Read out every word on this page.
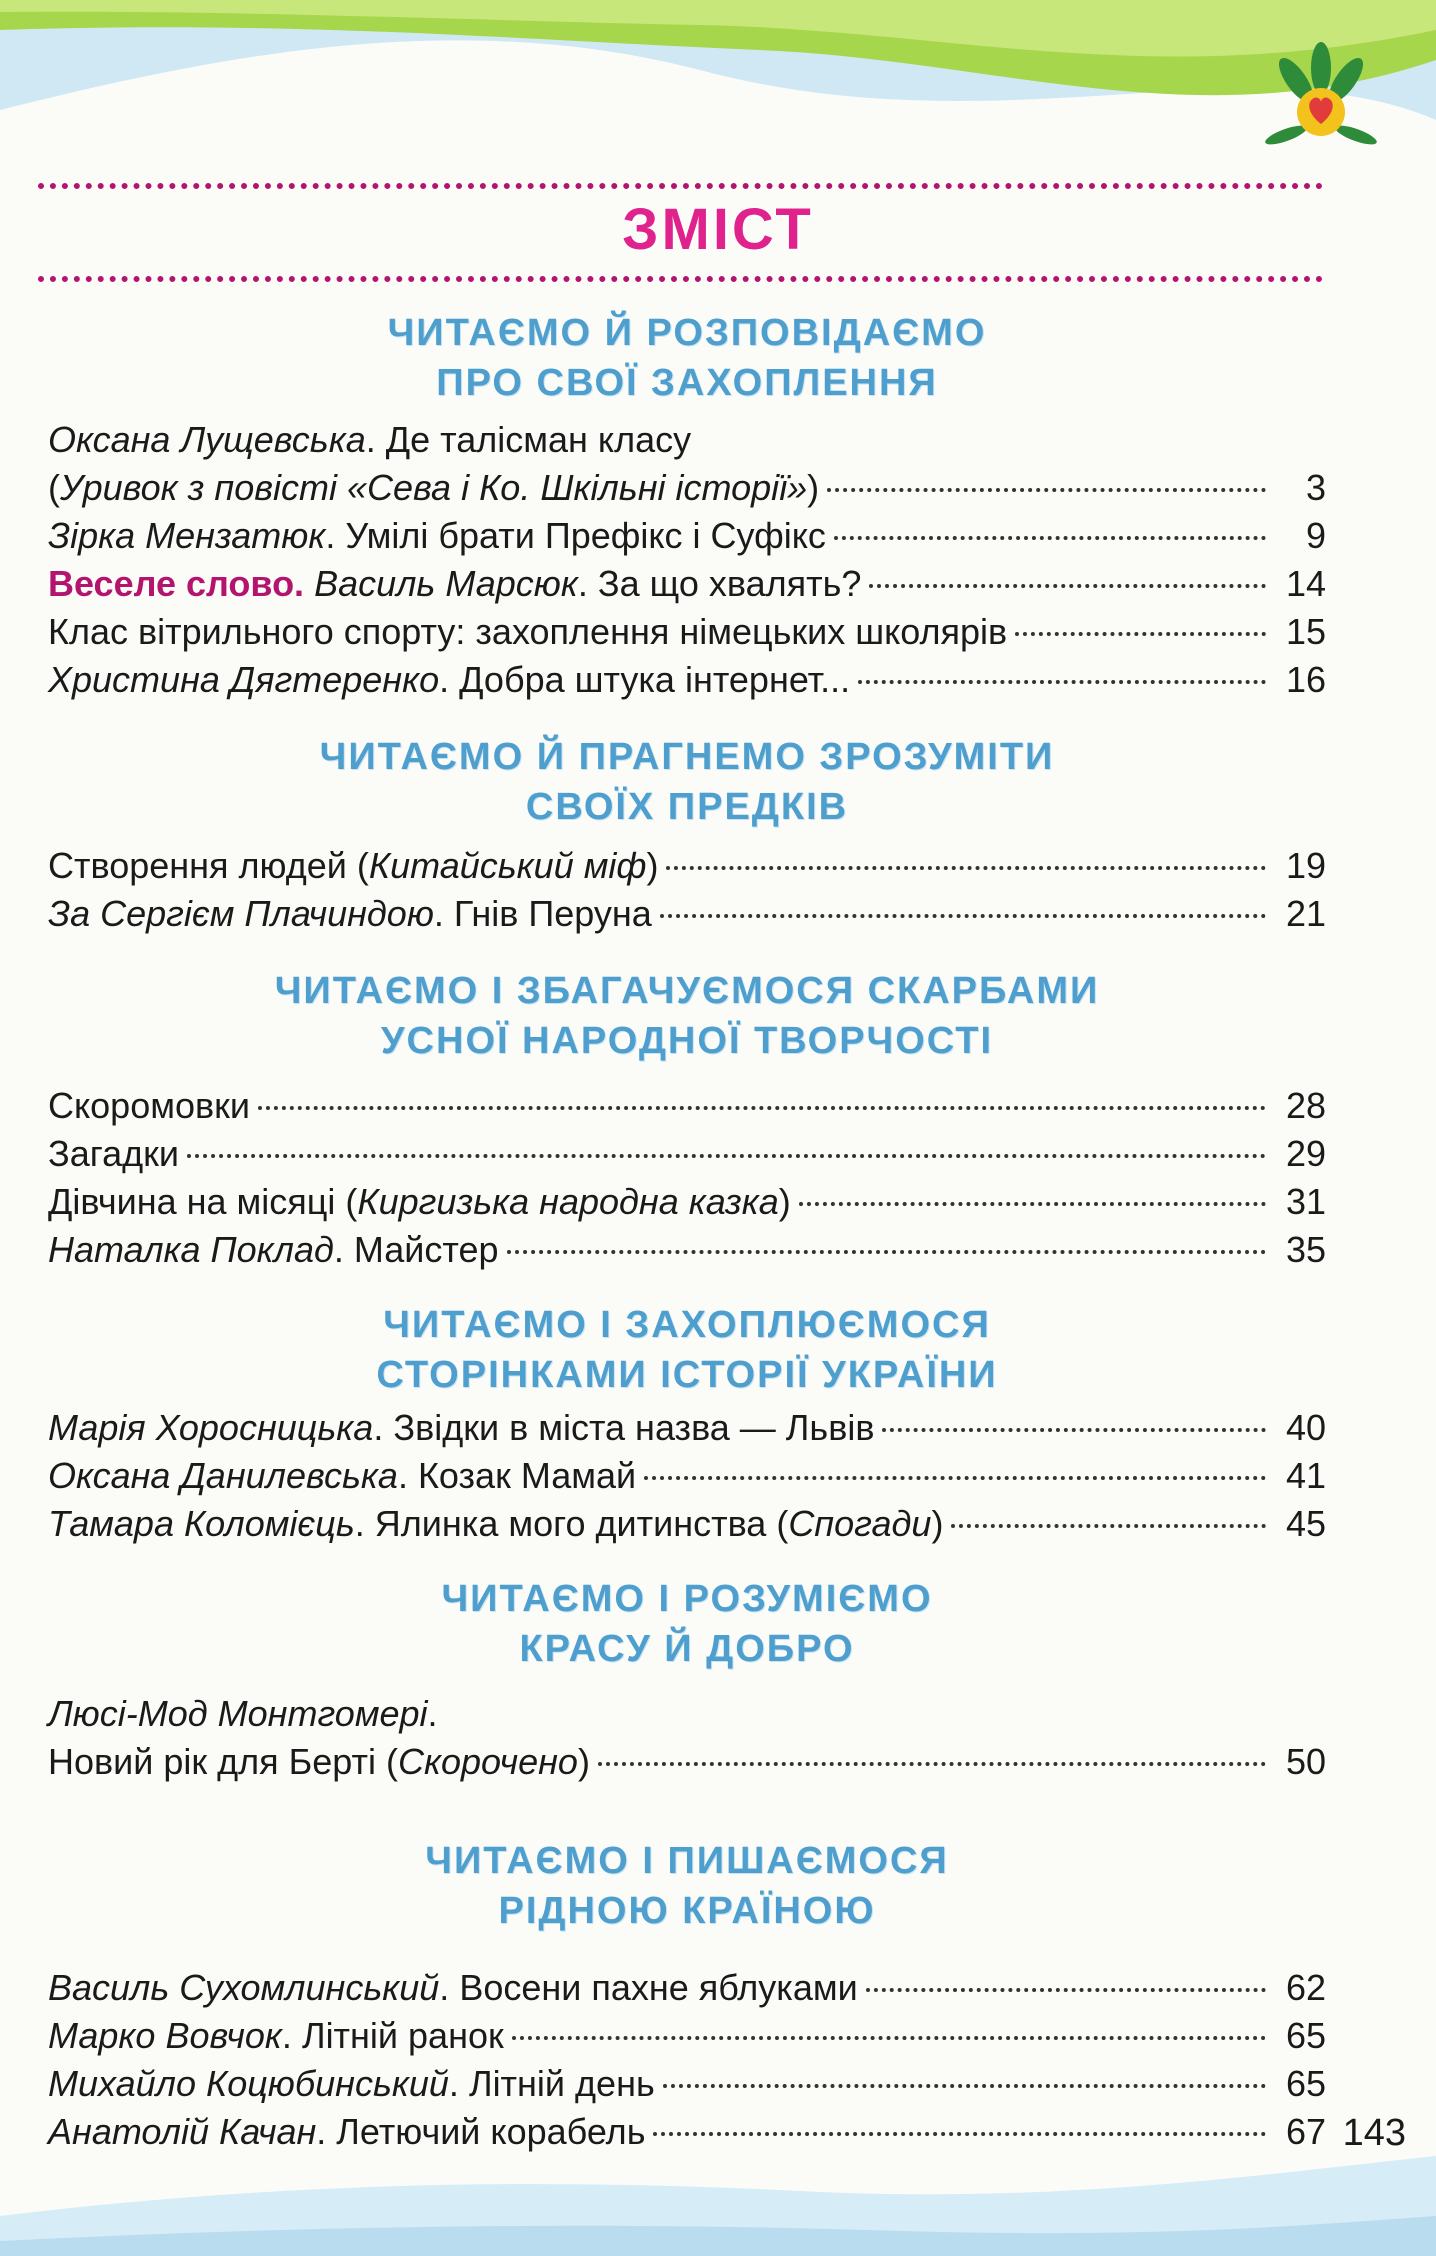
ЗМІСТ
ЧИТАЄМО Й РОЗПОВІДАЄМО
ПРО СВОЇ ЗАХОПЛЕННЯ
Оксана Лущевська. Де талісман класу
(Уривок з повісті «Сева і Ко. Шкільні історії»)	3
Зірка Мензатюк. Умілі брати Префікс і Суфікс	9
Веселе слово. Василь Марсюк. За що хвалять?	14
Клас вітрильного спорту: захоплення німецьких школярів	15
Христина Дягтеренко. Добра штука інтернет...	16
ЧИТАЄМО Й ПРАГНЕМО ЗРОЗУМІТИ
СВОЇХ ПРЕДКІВ
Створення людей (Китайський міф)	19
За Сергієм Плачиндою. Гнів Перуна	21
ЧИТАЄМО І ЗБАГАЧУЄМОСЯ СКАРБАМИ
УСНОЇ НАРОДНОЇ ТВОРЧОСТІ
Скоромовки	28
Загадки	29
Дівчина на місяці (Киргизька народна казка)	31
Наталка Поклад. Майстер	35
ЧИТАЄМО І ЗАХОПЛЮЄМОСЯ
СТОРІНКАМИ ІСТОРІЇ УКРАЇНИ
Марія Хоросницька. Звідки в міста назва — Львів	40
Оксана Данилевська. Козак Мамай	41
Тамара Коломієць. Ялинка мого дитинства (Спогади)	45
ЧИТАЄМО І РОЗУМІЄМО
КРАСУ Й ДОБРО
Люсі-Мод Монтгомері.
Новий рік для Берті (Скорочено)	50
ЧИТАЄМО І ПИШАЄМОСЯ
РІДНОЮ КРАЇНОЮ
Василь Сухомлинський. Восени пахне яблуками	62
Марко Вовчок. Літній ранок	65
Михайло Коцюбинський. Літній день	65
Анатолій Качан. Летючий корабель	67 143
